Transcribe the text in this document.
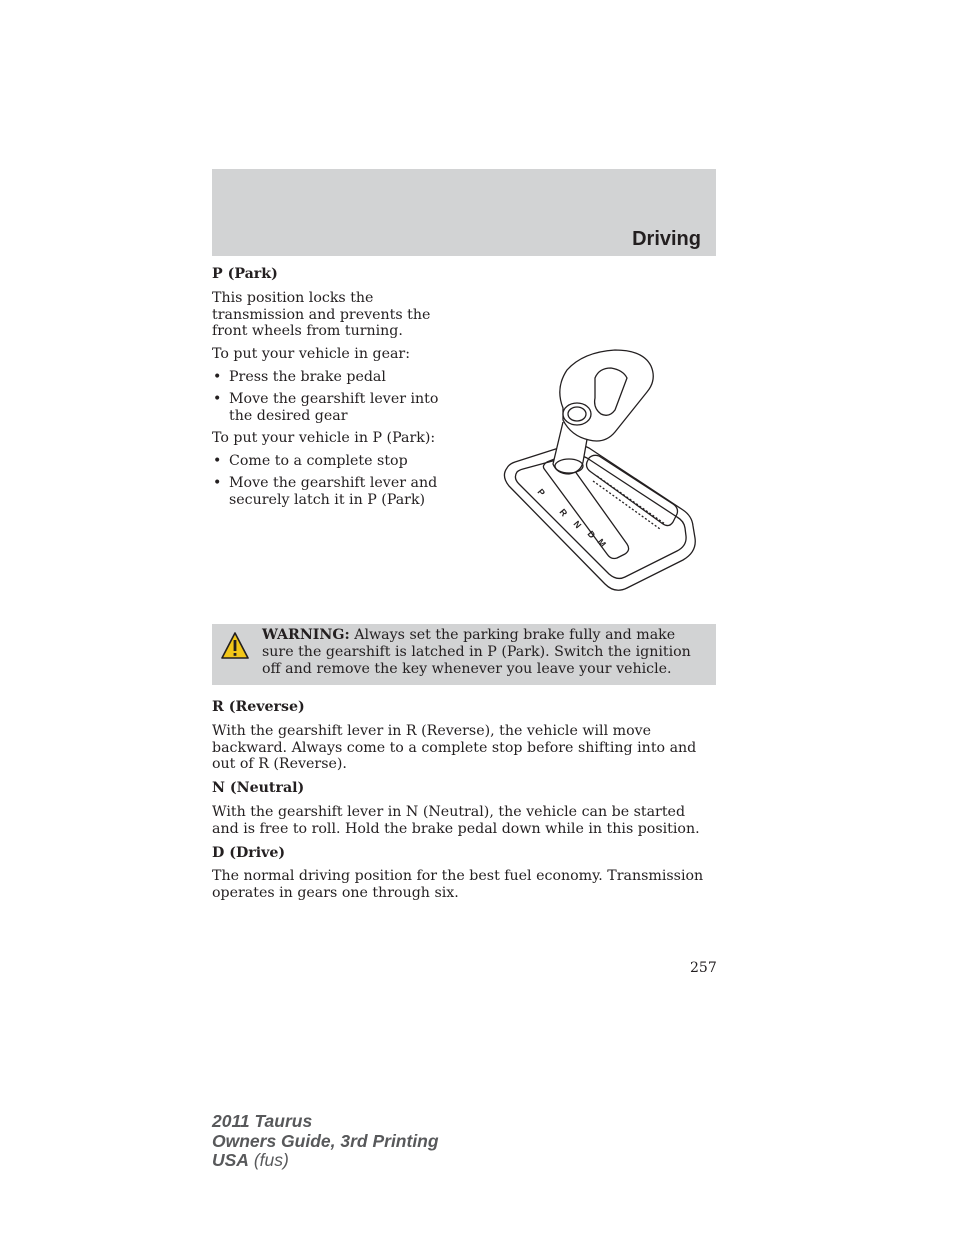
Driving

P (Park)

This position locks the transmission and prevents the front wheels from turning.

To put your vehicle in gear:

• Press the brake pedal
• Move the gearshift lever into the desired gear

To put your vehicle in P (Park):

• Come to a complete stop
• Move the gearshift lever and securely latch it in P (Park)	P
R
N
D
M
WARNING: Always set the parking brake fully and make sure the gearshift is latched in P (Park). Switch the ignition off and remove the key whenever you leave your vehicle.

R (Reverse)

With the gearshift lever in R (Reverse), the vehicle will move backward. Always come to a complete stop before shifting into and out of R (Reverse).

N (Neutral)

With the gearshift lever in N (Neutral), the vehicle can be started and is free to roll. Hold the brake pedal down while in this position.

D (Drive)

The normal driving position for the best fuel economy. Transmission operates in gears one through six.

257
2011 Taurus
Owners Guide, 3rd Printing
USA (fus)
